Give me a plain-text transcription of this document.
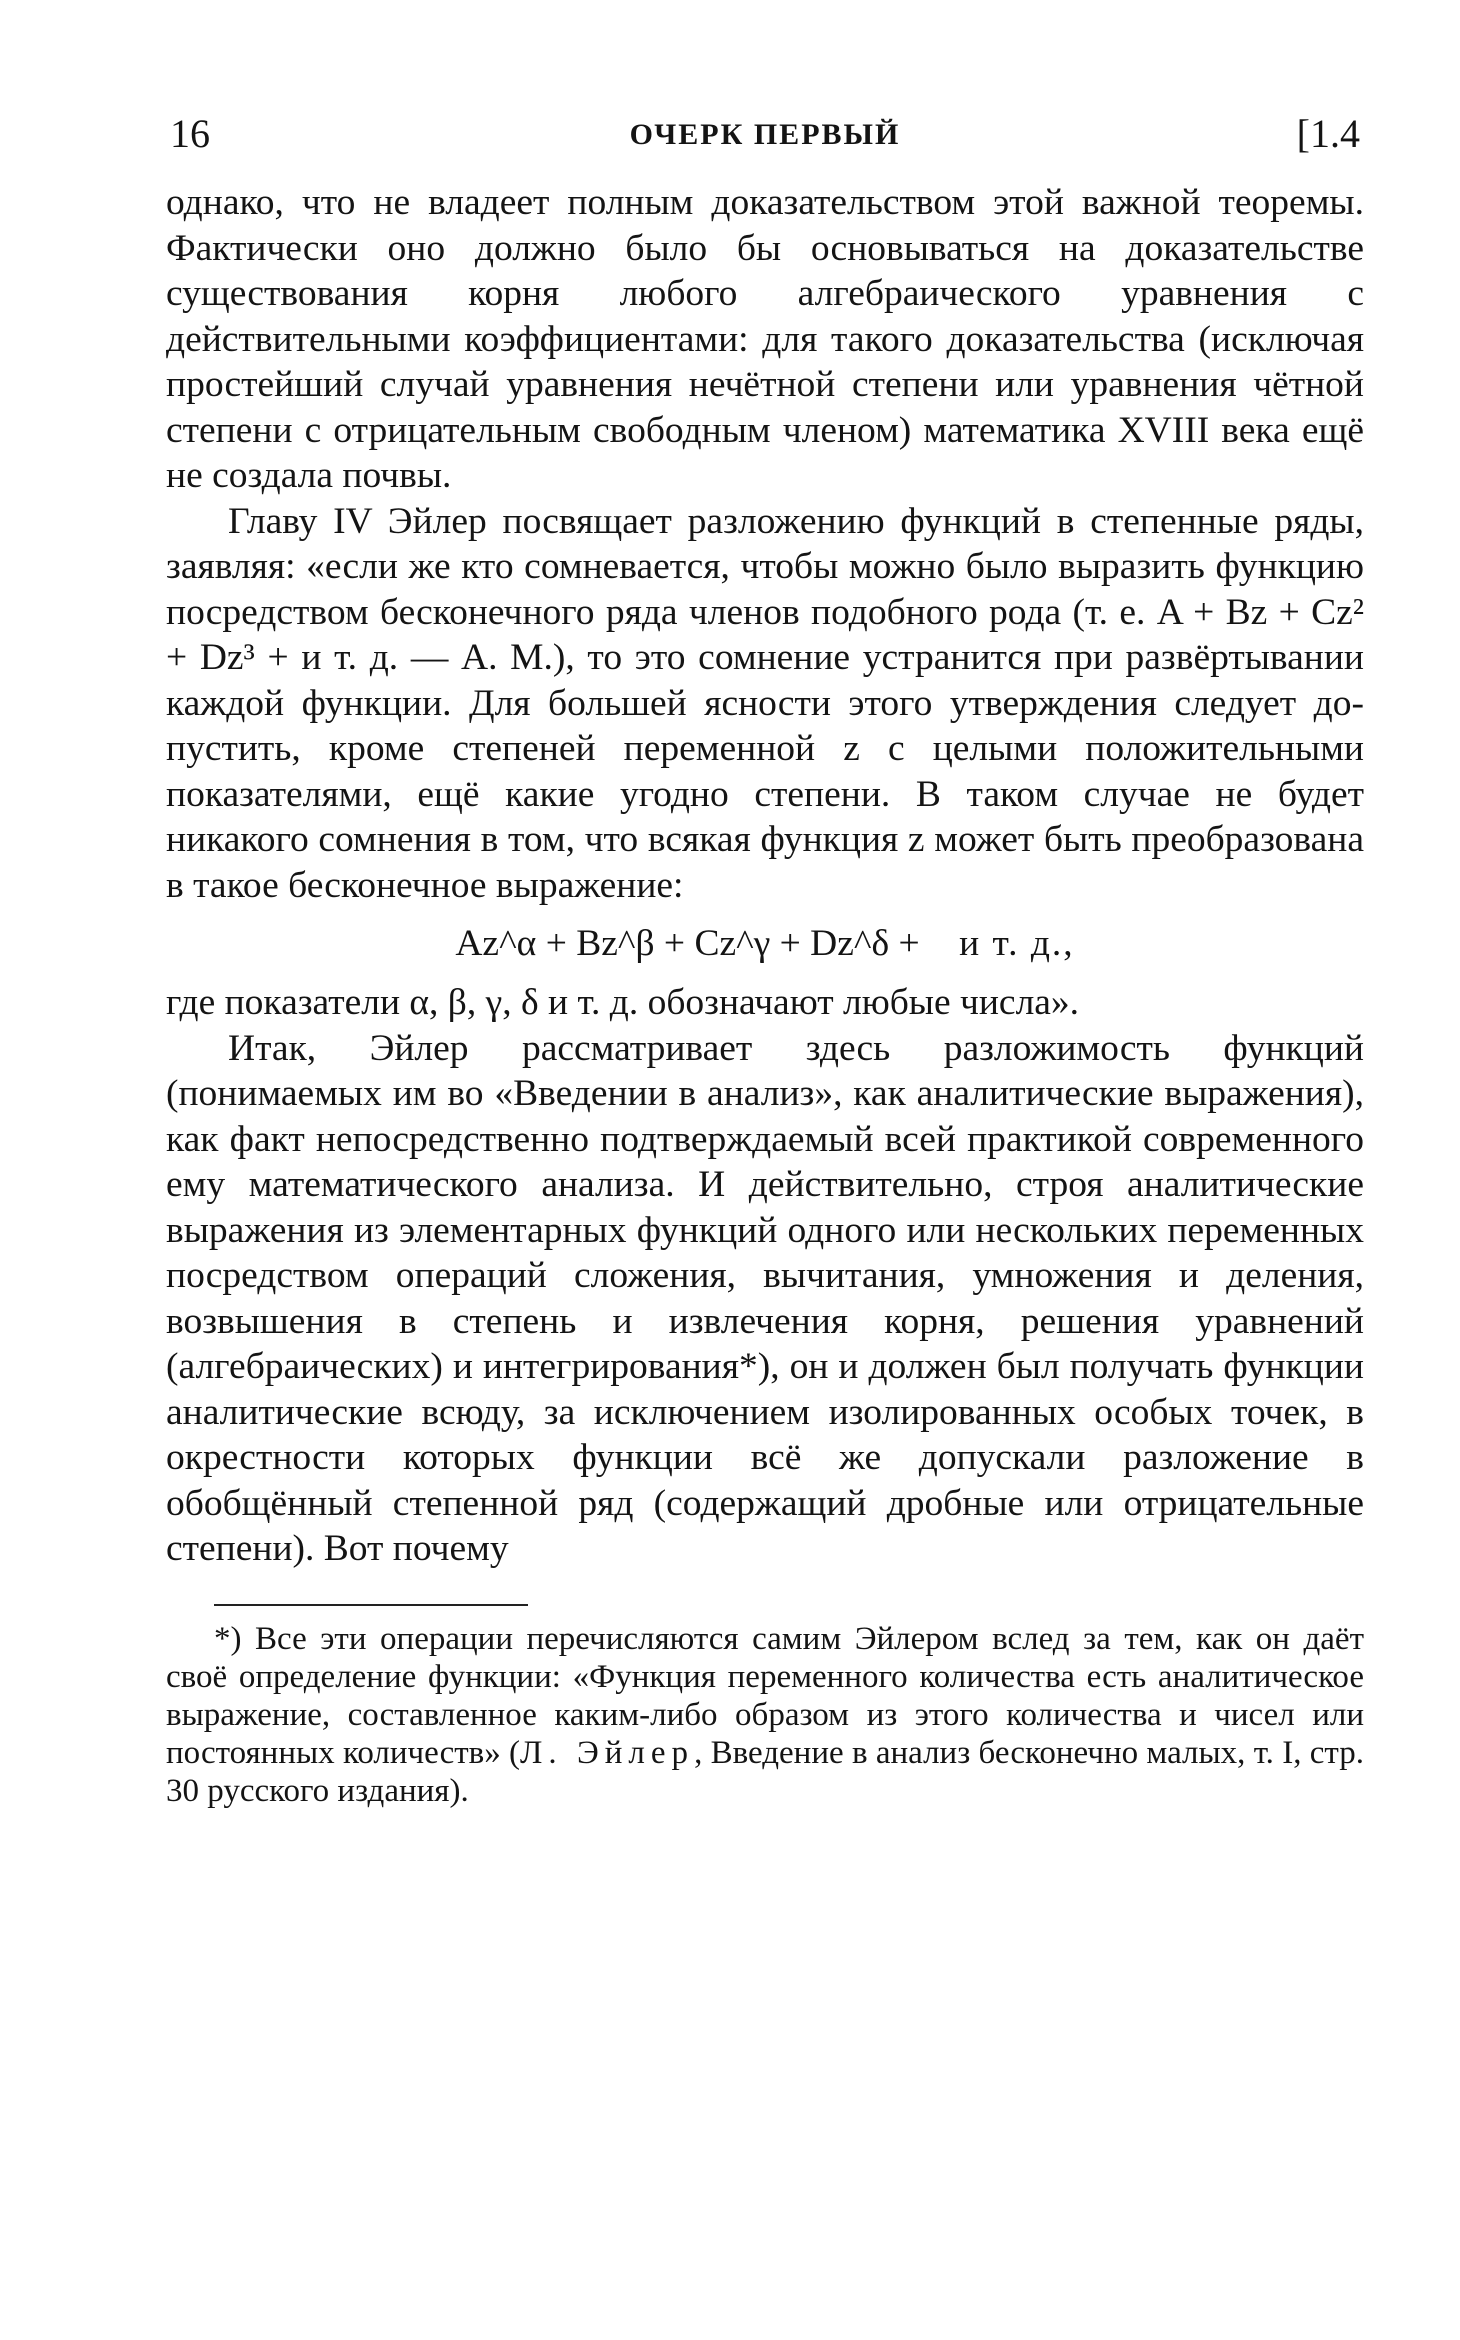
16	ОЧЕРК ПЕРВЫЙ	[1.4

однако, что не владеет полным доказательством этой важной теоремы. Фактически оно должно было бы основываться на доказательстве существования корня любого алгебраического уравнения с действительными коэффициентами: для такого доказательства (исключая простейший случай уравнения нечётной степени или уравнения чётной степени с отрицательным свободным членом) математика XVIII века ещё не создала почвы.

Главу IV Эйлер посвящает разложению функций в степенные ряды, заявляя: «если же кто сомневается, чтобы можно было выразить функцию посредством бесконечного ряда членов подобного рода (т. е. A + Bz + Cz² + Dz³ + и т. д. — А. М.), то это сомнение устранится при развёртывании каждой функции. Для большей ясности этого утверждения следует допустить, кроме степеней переменной z с целыми положительными показателями, ещё какие угодно степени. В таком случае не будет никакого сомнения в том, что всякая функция z может быть преобразована в такое бесконечное выражение:

Az^α + Bz^β + Cz^γ + Dz^δ + и т. д.,

где показатели α, β, γ, δ и т. д. обозначают любые числа».

Итак, Эйлер рассматривает здесь разложимость функций (понимаемых им во «Введении в анализ», как аналитические выражения), как факт непосредственно подтверждаемый всей практикой современного ему математического анализа. И действительно, строя аналитические выражения из элементарных функций одного или нескольких переменных посредством операций сложения, вычитания, умножения и деления, возвышения в степень и извлечения корня, решения уравнений (алгебраических) и интегрирования*), он и должен был получать функции аналитические всюду, за исключением изолированных особых точек, в окрестности которых функции всё же допускали разложение в обобщённый степенной ряд (содержащий дробные или отрицательные степени). Вот почему

*) Все эти операции перечисляются самим Эйлером вслед за тем, как он даёт своё определение функции: «Функция переменного количества есть аналитическое выражение, составленное каким-либо образом из этого количества и чисел или постоянных количеств» (Л. Эйлер, Введение в анализ бесконечно малых, т. I, стр. 30 русского издания).
